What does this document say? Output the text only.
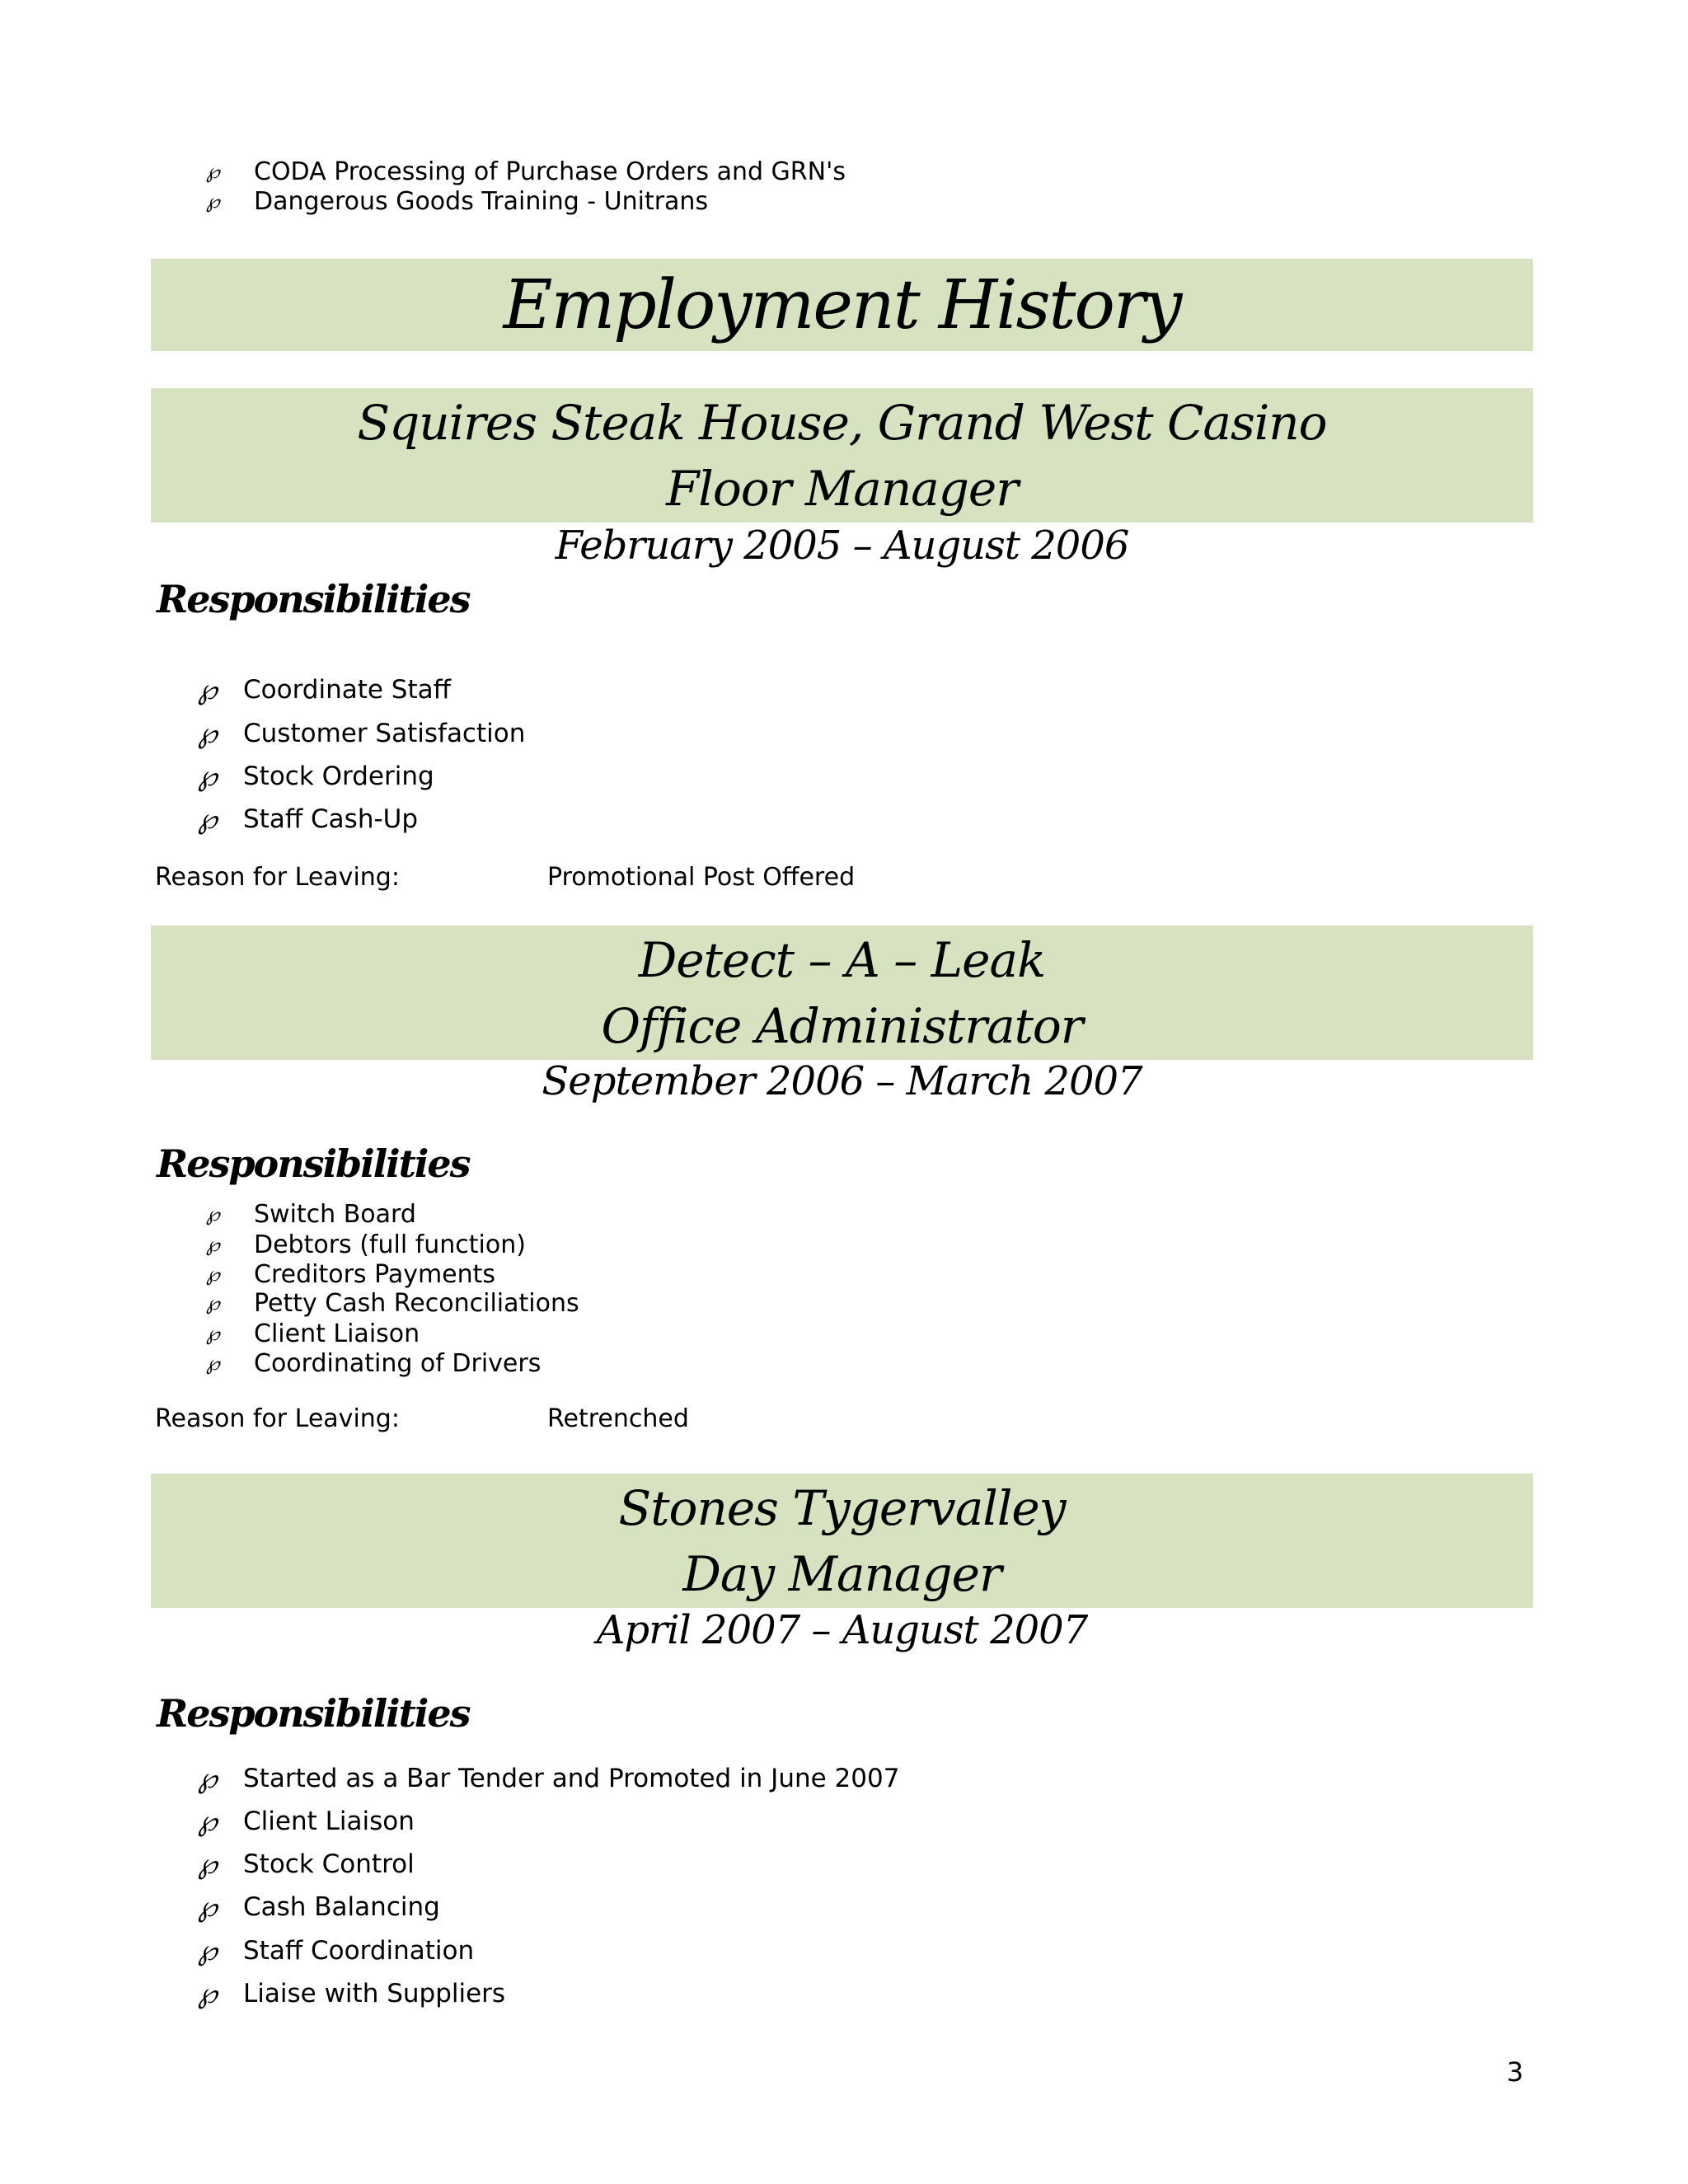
℘	CODA Processing of Purchase Orders and GRN's
℘	Dangerous Goods Training - Unitrans
Employment History
Squires Steak House, Grand West Casino
Floor Manager
February 2005 – August 2006
Responsibilities
℘	Coordinate Staff
℘	Customer Satisfaction
℘	Stock Ordering
℘	Staff Cash-Up
Reason for Leaving:	Promotional Post Offered
Detect – A – Leak
Office Administrator
September 2006 – March 2007
Responsibilities
℘	Switch Board
℘	Debtors (full function)
℘	Creditors Payments
℘	Petty Cash Reconciliations
℘	Client Liaison
℘	Coordinating of Drivers
Reason for Leaving:	Retrenched
Stones Tygervalley
Day Manager
April 2007 – August 2007
Responsibilities
℘	Started as a Bar Tender and Promoted in June 2007
℘	Client Liaison
℘	Stock Control
℘	Cash Balancing
℘	Staff Coordination
℘	Liaise with Suppliers
3
